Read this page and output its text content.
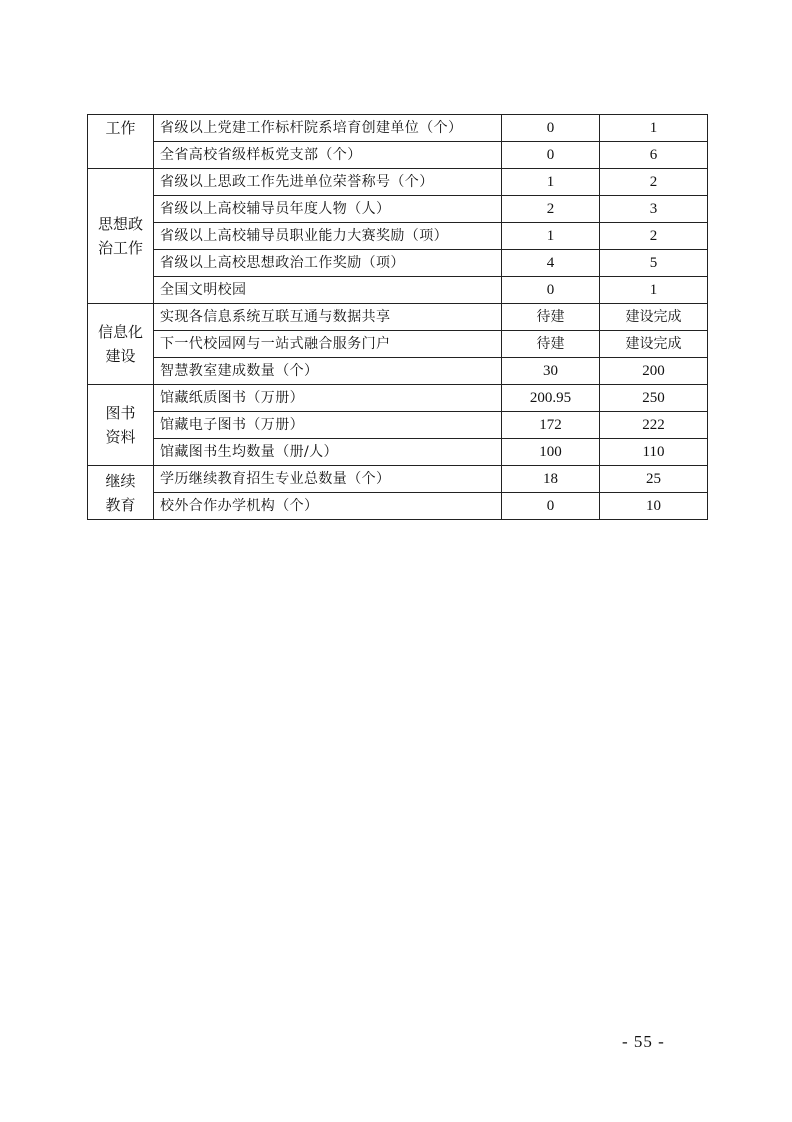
工作	省级以上党建工作标杆院系培育创建单位（个）	0	1
	全省高校省级样板党支部（个）	0	6

思想政
治工作	省级以上思政工作先进单位荣誉称号（个）	1	2
	省级以上高校辅导员年度人物（人）	2	3
	省级以上高校辅导员职业能力大赛奖励（项）	1	2
	省级以上高校思想政治工作奖励（项）	4	5
	全国文明校园	0	1

信息化
建设	实现各信息系统互联互通与数据共享	待建	建设完成
	下一代校园网与一站式融合服务门户	待建	建设完成
	智慧教室建成数量（个）	30	200

图书
资料	馆藏纸质图书（万册）	200.95	250
	馆藏电子图书（万册）	172	222
	馆藏图书生均数量（册/人）	100	110

继续
教育	学历继续教育招生专业总数量（个）	18	25
	校外合作办学机构（个）	0	10
- 55 -
